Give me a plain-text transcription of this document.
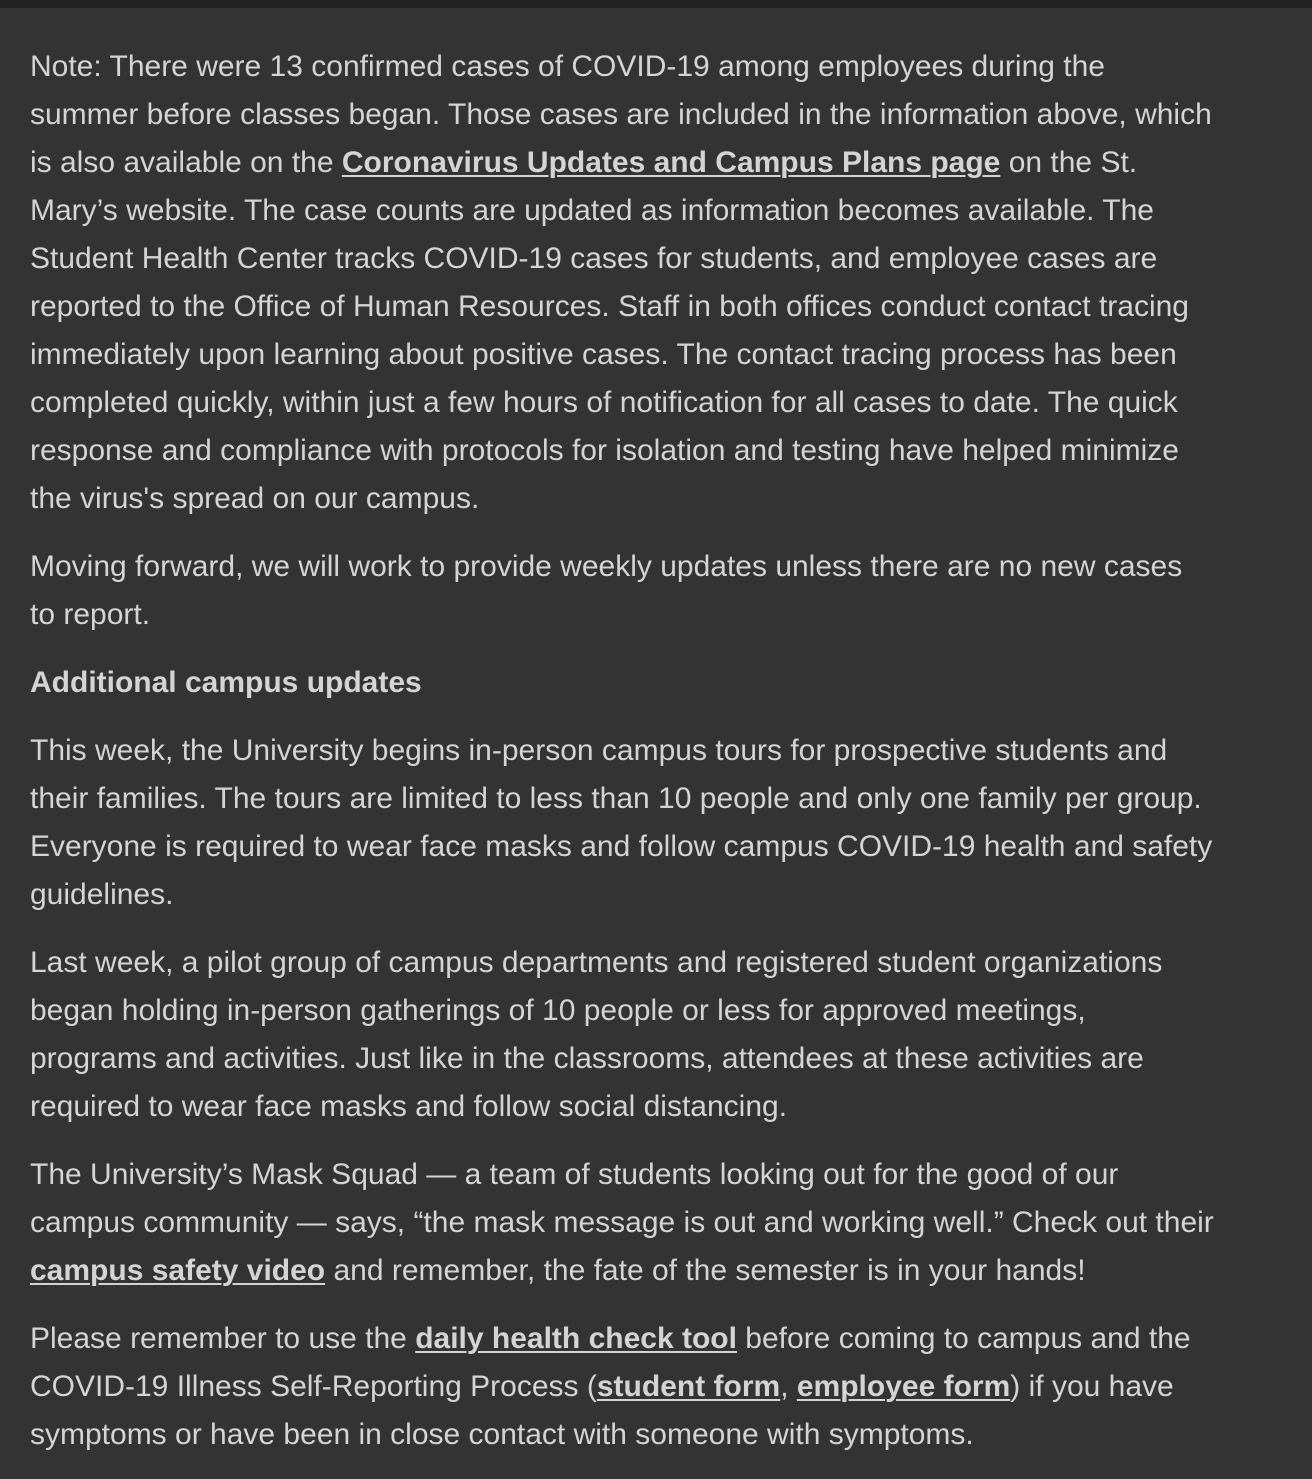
Note: There were 13 confirmed cases of COVID-19 among employees during the
summer before classes began. Those cases are included in the information above, which
is also available on the Coronavirus Updates and Campus Plans page on the St.
Mary’s website. The case counts are updated as information becomes available. The
Student Health Center tracks COVID-19 cases for students, and employee cases are
reported to the Office of Human Resources. Staff in both offices conduct contact tracing
immediately upon learning about positive cases. The contact tracing process has been
completed quickly, within just a few hours of notification for all cases to date. The quick
response and compliance with protocols for isolation and testing have helped minimize
the virus's spread on our campus.

Moving forward, we will work to provide weekly updates unless there are no new cases
to report.

Additional campus updates

This week, the University begins in-person campus tours for prospective students and
their families. The tours are limited to less than 10 people and only one family per group.
Everyone is required to wear face masks and follow campus COVID-19 health and safety
guidelines.

Last week, a pilot group of campus departments and registered student organizations
began holding in-person gatherings of 10 people or less for approved meetings,
programs and activities. Just like in the classrooms, attendees at these activities are
required to wear face masks and follow social distancing.

The University’s Mask Squad — a team of students looking out for the good of our
campus community — says, “the mask message is out and working well.” Check out their
campus safety video and remember, the fate of the semester is in your hands!

Please remember to use the daily health check tool before coming to campus and the
COVID-19 Illness Self-Reporting Process (student form, employee form) if you have
symptoms or have been in close contact with someone with symptoms.
